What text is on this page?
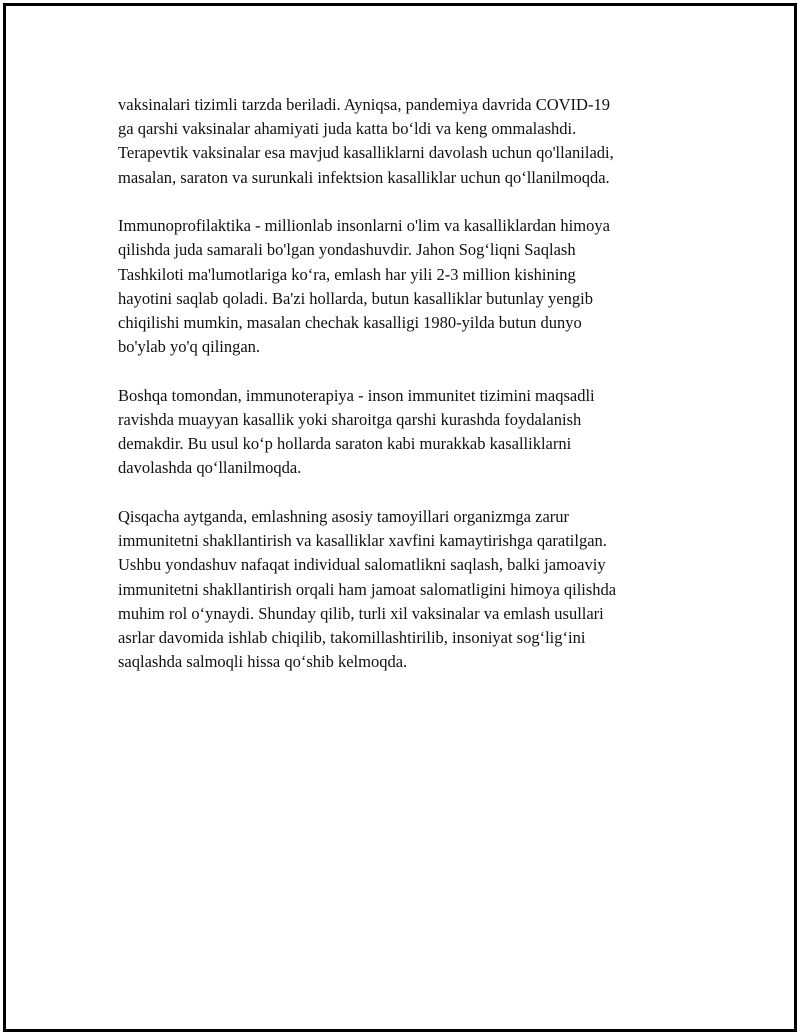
vaksinalari tizimli tarzda beriladi. Ayniqsa, pandemiya davrida COVID-19
ga qarshi vaksinalar ahamiyati juda katta bo‘ldi va keng ommalashdi.
Terapevtik vaksinalar esa mavjud kasalliklarni davolash uchun qo'llaniladi,
masalan, saraton va surunkali infektsion kasalliklar uchun qo‘llanilmoqda.

Immunoprofilaktika - millionlab insonlarni o'lim va kasalliklardan himoya
qilishda juda samarali bo'lgan yondashuvdir. Jahon Sog‘liqni Saqlash
Tashkiloti ma'lumotlariga ko‘ra, emlash har yili 2-3 million kishining
hayotini saqlab qoladi. Ba'zi hollarda, butun kasalliklar butunlay yengib
chiqilishi mumkin, masalan chechak kasalligi 1980-yilda butun dunyo
bo'ylab yo'q qilingan.

Boshqa tomondan, immunoterapiya - inson immunitet tizimini maqsadli
ravishda muayyan kasallik yoki sharoitga qarshi kurashda foydalanish
demakdir. Bu usul ko‘p hollarda saraton kabi murakkab kasalliklarni
davolashda qo‘llanilmoqda.

Qisqacha aytganda, emlashning asosiy tamoyillari organizmga zarur
immunitetni shakllantirish va kasalliklar xavfini kamaytirishga qaratilgan.
Ushbu yondashuv nafaqat individual salomatlikni saqlash, balki jamoaviy
immunitetni shakllantirish orqali ham jamoat salomatligini himoya qilishda
muhim rol o‘ynaydi. Shunday qilib, turli xil vaksinalar va emlash usullari
asrlar davomida ishlab chiqilib, takomillashtirilib, insoniyat sog‘lig‘ini
saqlashda salmoqli hissa qo‘shib kelmoqda.
